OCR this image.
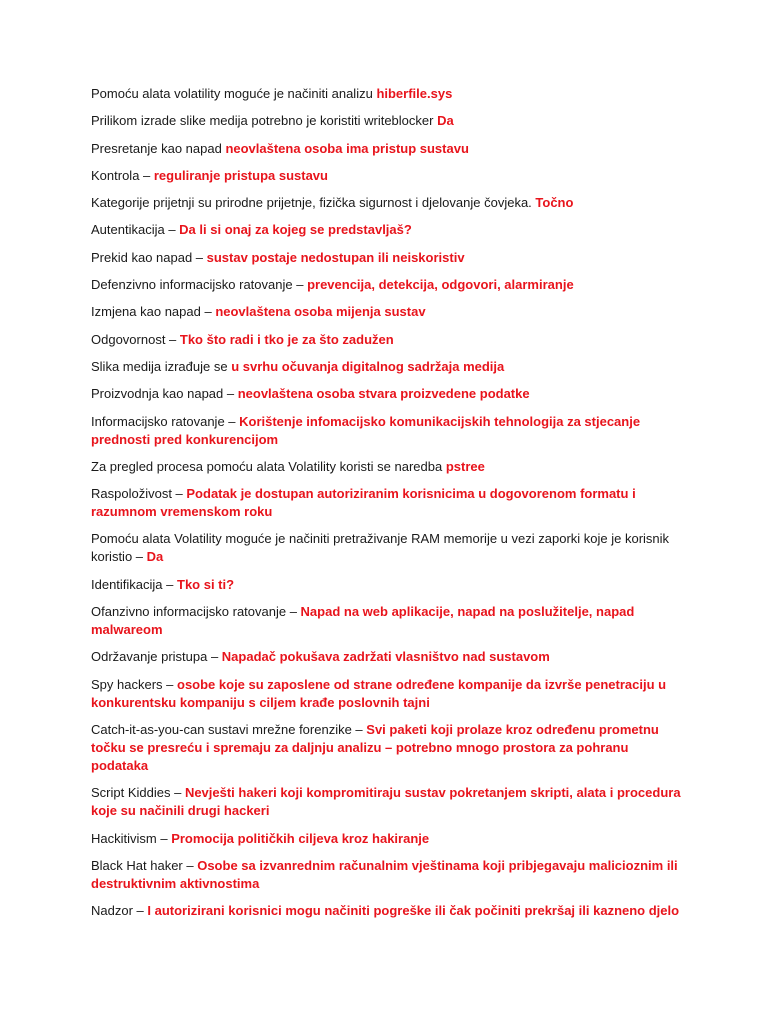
Pomoću alata volatility moguće je načiniti analizu hiberfile.sys

Prilikom izrade slike medija potrebno je koristiti writeblocker Da

Presretanje kao napad neovlaštena osoba ima pristup sustavu

Kontrola – reguliranje pristupa sustavu

Kategorije prijetnji su prirodne prijetnje, fizička sigurnost i djelovanje čovjeka. Točno

Autentikacija – Da li si onaj za kojeg se predstavljaš?

Prekid kao napad – sustav postaje nedostupan ili neiskoristiv

Defenzivno informacijsko ratovanje – prevencija, detekcija, odgovori, alarmiranje

Izmjena kao napad – neovlaštena osoba mijenja sustav

Odgovornost – Tko što radi i tko je za što zadužen

Slika medija izrađuje se u svrhu očuvanja digitalnog sadržaja medija

Proizvodnja kao napad – neovlaštena osoba stvara proizvedene podatke

Informacijsko ratovanje – Korištenje infomacijsko komunikacijskih tehnologija za stjecanje prednosti pred konkurencijom

Za pregled procesa pomoću alata Volatility koristi se naredba pstree

Raspoloživost – Podatak je dostupan autoriziranim korisnicima u dogovorenom formatu i razumnom vremenskom roku

Pomoću alata Volatility moguće je načiniti pretraživanje RAM memorije u vezi zaporki koje je korisnik koristio – Da

Identifikacija – Tko si ti?

Ofanzivno informacijsko ratovanje – Napad na web aplikacije, napad na poslužitelje, napad malwareom

Održavanje pristupa – Napadač pokušava zadržati vlasništvo nad sustavom

Spy hackers – osobe koje su zaposlene od strane određene kompanije da izvrše penetraciju u konkurentsku kompaniju s ciljem krađe poslovnih tajni

Catch-it-as-you-can sustavi mrežne forenzike – Svi paketi koji prolaze kroz određenu prometnu točku se presreću i spremaju za daljnju analizu – potrebno mnogo prostora za pohranu podataka

Script Kiddies – Nevješti hakeri koji kompromitiraju sustav pokretanjem skripti, alata i procedura koje su načinili drugi hackeri

Hackitivism – Promocija političkih ciljeva kroz hakiranje

Black Hat haker – Osobe sa izvanrednim računalnim vještinama koji pribjegavaju malicioznim ili destruktivnim aktivnostima

Nadzor – I autorizirani korisnici mogu načiniti pogreške ili čak počiniti prekršaj ili kazneno djelo
